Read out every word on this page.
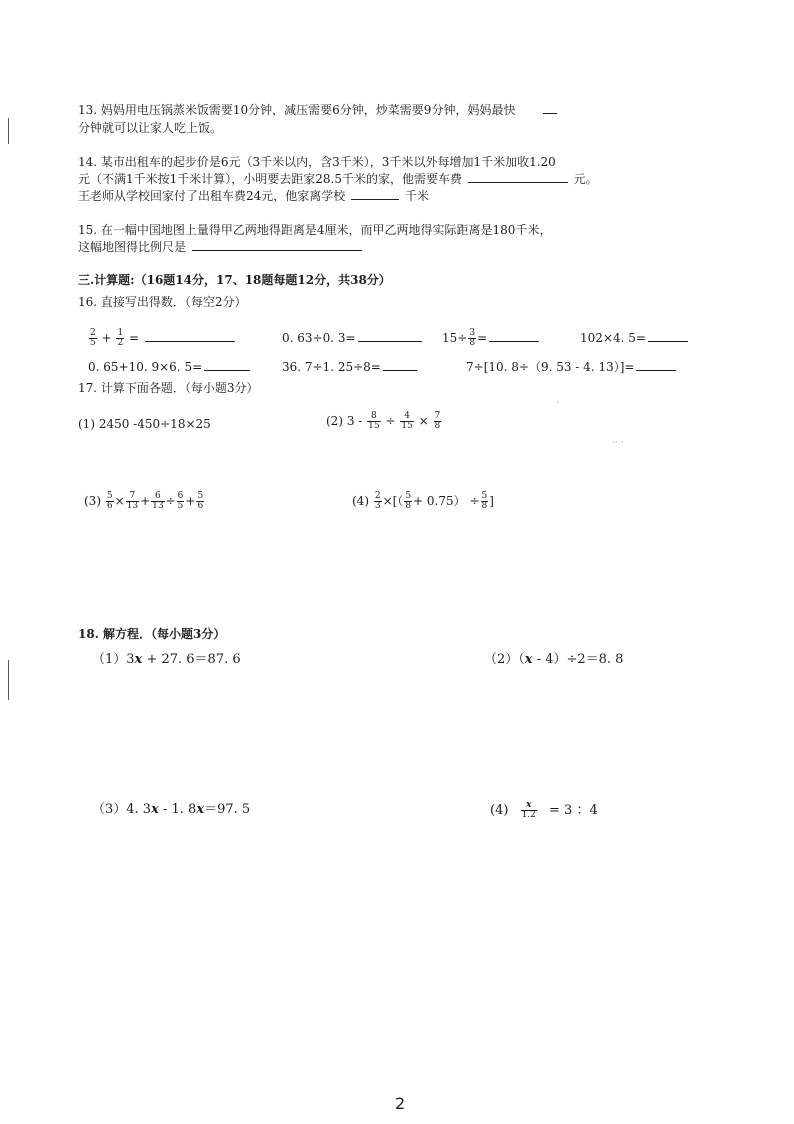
13. 妈妈用电压锅蒸米饭需要10分钟，减压需要6分钟，炒菜需要9分钟，妈妈最快
分钟就可以让家人吃上饭。
14. 某市出租车的起步价是6元（3千米以内，含3千米），3千米以外每增加1千米加收1.20
元（不满1千米按1千米计算），小明要去距家28.5千米的家，他需要车费	元。
王老师从学校回家付了出租车费24元，他家离学校	千米
15. 在一幅中国地图上量得甲乙两地得距离是4厘米，而甲乙两地得实际距离是180千米，
这幅地图得比例尺是
三.计算题:（16题14分，17、18题每题12分，共38分）
16. 直接写出得数．（每空2分）
$\frac{2}{5} + \frac{1}{2}$ =	0. 63÷0. 3=	$15\div \frac{3}{8}$ =	102×4. 5=
0. 65+10. 9×6. 5=	36. 7÷1. 25÷8=	7÷[10. 8÷（9. 53 - 4. 13）]=
17. 计算下面各题．（每小题3分）
(1) 2450 -450÷18×25	(2) $3 - \frac{8}{15} \div \frac{4}{15} \times \frac{7}{8}$
$(3) \frac{5}{6} \times \frac{7}{13} + \frac{6}{13} \div \frac{6}{5} + \frac{5}{6}$	$(4) \frac{2}{3}$ ×[（ $\frac{5}{8} + 0.75) \div \frac{5}{8}$ ]
18. 解方程．（每小题3分）
（1）3x + 27. 6＝87. 6	（2）（x - 4）÷2＝8. 8
（3）4. 3x - 1. 8x＝97. 5	$(4) \frac{x}{1.2} = 3$ ：4
·· ·
·
2
